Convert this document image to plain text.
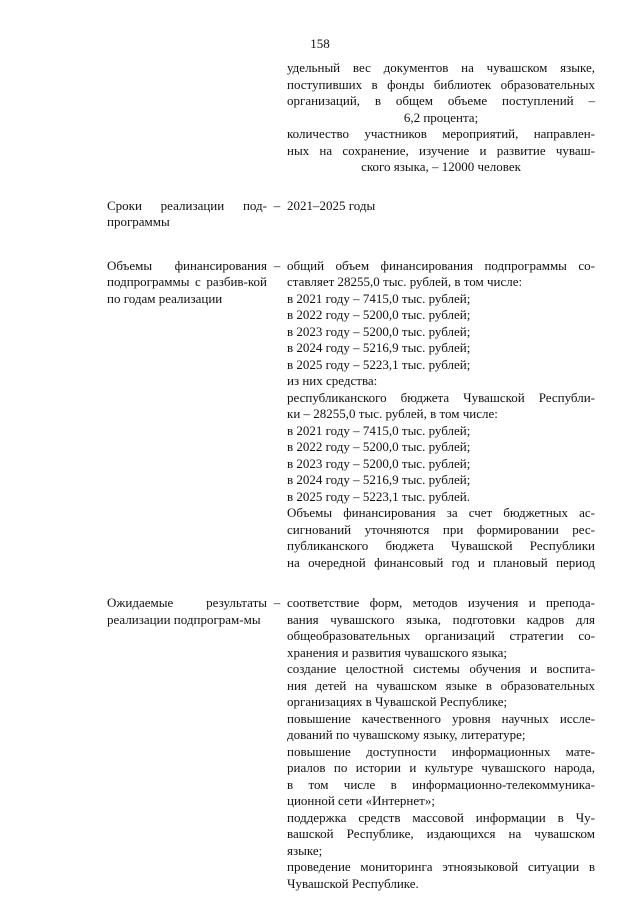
158
удельный вес документов на чувашском языке,
поступивших в фонды библиотек образовательных
организаций, в общем объеме поступлений –
6,2 процента;
количество участников мероприятий, направлен-
ных на сохранение, изучение и развитие чуваш-
ского языка, – 12000 человек
Сроки реализации под-программы
– 2021–2025 годы
Объемы финансирования подпрограммы с разбив-кой по годам реализации
– общий объем финансирования подпрограммы со-
ставляет 28255,0 тыс. рублей, в том числе:
в 2021 году – 7415,0 тыс. рублей;
в 2022 году – 5200,0 тыс. рублей;
в 2023 году – 5200,0 тыс. рублей;
в 2024 году – 5216,9 тыс. рублей;
в 2025 году – 5223,1 тыс. рублей;
из них средства:
республиканского бюджета Чувашской Республи-
ки – 28255,0 тыс. рублей, в том числе:
в 2021 году – 7415,0 тыс. рублей;
в 2022 году – 5200,0 тыс. рублей;
в 2023 году – 5200,0 тыс. рублей;
в 2024 году – 5216,9 тыс. рублей;
в 2025 году – 5223,1 тыс. рублей.
Объемы финансирования за счет бюджетных ас-
сигнований уточняются при формировании рес-
публиканского бюджета Чувашской Республики
на очередной финансовый год и плановый период
Ожидаемые результаты реализации подпрограм-мы
– соответствие форм, методов изучения и препода-
вания чувашского языка, подготовки кадров для
общеобразовательных организаций стратегии со-
хранения и развития чувашского языка;
создание целостной системы обучения и воспита-
ния детей на чувашском языке в образовательных
организациях в Чувашской Республике;
повышение качественного уровня научных иссле-
дований по чувашскому языку, литературе;
повышение доступности информационных мате-
риалов по истории и культуре чувашского народа,
в том числе в информационно-телекоммуника-
ционной сети «Интернет»;
поддержка средств массовой информации в Чу-
вашской Республике, издающихся на чувашском
языке;
проведение мониторинга этноязыковой ситуации в
Чувашской Республике.
